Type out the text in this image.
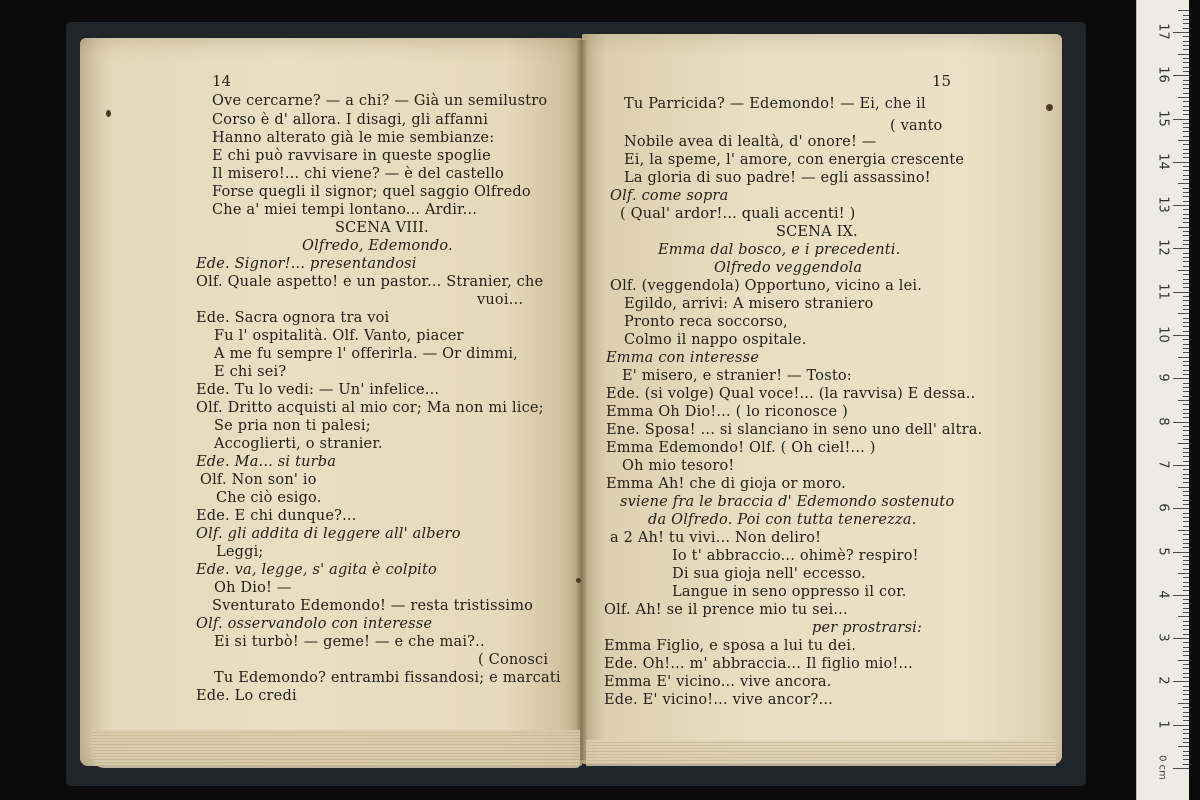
14	15
Ove cercarne? — a chi? — Già un semilustro
Corso è d' allora. I disagi, gli affanni
Hanno alterato già le mie sembianze:
E chi può ravvisare in queste spoglie
Il misero!... chi viene? — è del castello
Forse quegli il signor; quel saggio Olfredo
Che a' miei tempi lontano... Ardir...
SCENA VIII.
Olfredo, Edemondo.
Ede. Signor!... presentandosi
Olf. Quale aspetto! e un pastor... Stranier, che
vuoi...
Ede. Sacra ognora tra voi
Fu l' ospitalità. Olf. Vanto, piacer
A me fu sempre l' offerirla. — Or dimmi,
E chi sei?
Ede. Tu lo vedi: — Un' infelice...
Olf. Dritto acquisti al mio cor; Ma non mi lice;
Se pria non ti palesi;
Accoglierti, o stranier.
Ede. Ma... si turba
Olf. Non son' io
Che ciò esigo.
Ede. E chi dunque?...
Olf. gli addita di leggere all' albero
Leggi;
Ede. va, legge, s' agita è colpito
Oh Dio! —
Sventurato Edemondo! — resta tristissimo
Olf. osservandolo con interesse
Ei si turbò! — geme! — e che mai?..
( Conosci
Tu Edemondo? entrambi fissandosi; e marcati
Ede. Lo credi
Tu Parricida? — Edemondo! — Ei, che il
( vanto
Nobile avea di lealtà, d' onore! —
Ei, la speme, l' amore, con energia crescente
La gloria di suo padre! — egli assassino!
Olf. come sopra
( Qual' ardor!... quali accenti! )
SCENA IX.
Emma dal bosco, e i precedenti.
Olfredo veggendola
Olf. (veggendola) Opportuno, vicino a lei.
Egildo, arrivi: A misero straniero
Pronto reca soccorso,
Colmo il nappo ospitale.
Emma con interesse
E' misero, e stranier! — Tosto:
Ede. (si volge) Qual voce!... (la ravvisa) E dessa..
Emma Oh Dio!... ( lo riconosce )
Ene. Sposa! ... si slanciano in seno uno dell' altra.
Emma Edemondo! Olf. ( Oh ciel!... )
Oh mio tesoro!
Emma Ah! che di gioja or moro.
sviene fra le braccia d' Edemondo sostenuto
da Olfredo. Poi con tutta tenerezza.
a 2 Ah! tu vivi... Non deliro!
Io t' abbraccio... ohimè? respiro!
Di sua gioja nell' eccesso.
Langue in seno oppresso il cor.
Olf. Ah! se il prence mio tu sei...
per prostrarsi:
Emma Figlio, e sposa a lui tu dei.
Ede. Oh!... m' abbraccia... Il figlio mio!...
Emma E' vicino... vive ancora.
Ede. E' vicino!... vive ancor?...
0 cm
1
2
3
4
5
6
7
8
9
10
11
12
13
14
15
16
17
